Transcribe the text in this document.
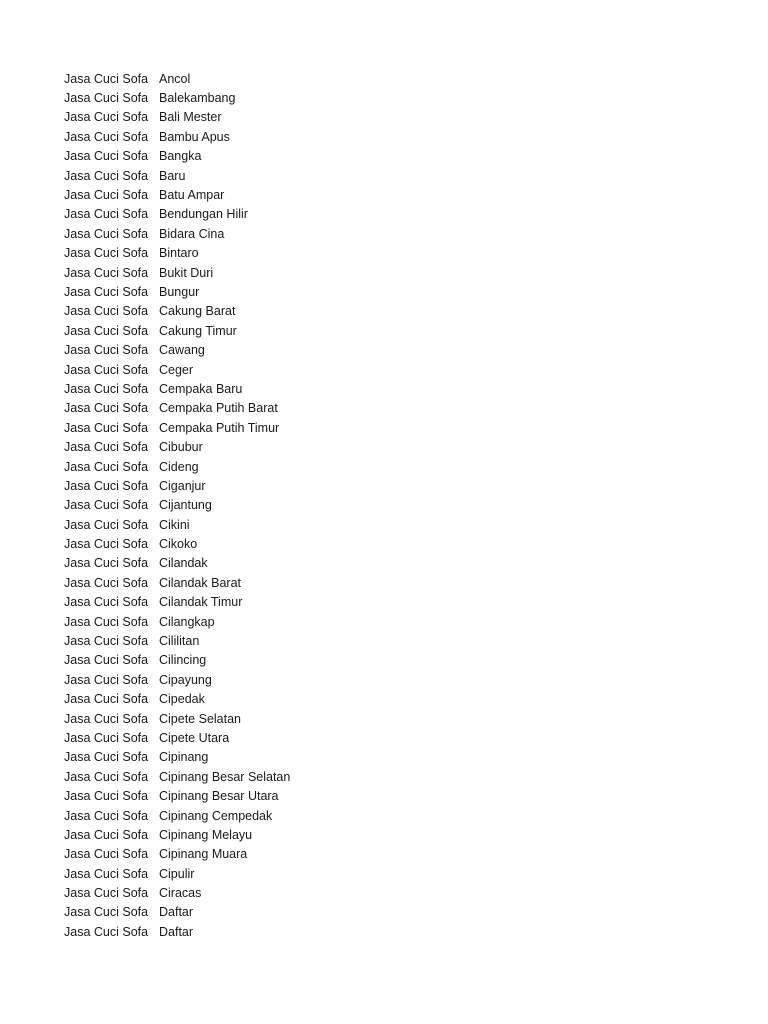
Jasa Cuci Sofa Ancol
Jasa Cuci Sofa Balekambang
Jasa Cuci Sofa Bali Mester
Jasa Cuci Sofa Bambu Apus
Jasa Cuci Sofa Bangka
Jasa Cuci Sofa Baru
Jasa Cuci Sofa Batu Ampar
Jasa Cuci Sofa Bendungan Hilir
Jasa Cuci Sofa Bidara Cina
Jasa Cuci Sofa Bintaro
Jasa Cuci Sofa Bukit Duri
Jasa Cuci Sofa Bungur
Jasa Cuci Sofa Cakung Barat
Jasa Cuci Sofa Cakung Timur
Jasa Cuci Sofa Cawang
Jasa Cuci Sofa Ceger
Jasa Cuci Sofa Cempaka Baru
Jasa Cuci Sofa Cempaka Putih Barat
Jasa Cuci Sofa Cempaka Putih Timur
Jasa Cuci Sofa Cibubur
Jasa Cuci Sofa Cideng
Jasa Cuci Sofa Ciganjur
Jasa Cuci Sofa Cijantung
Jasa Cuci Sofa Cikini
Jasa Cuci Sofa Cikoko
Jasa Cuci Sofa Cilandak
Jasa Cuci Sofa Cilandak Barat
Jasa Cuci Sofa Cilandak Timur
Jasa Cuci Sofa Cilangkap
Jasa Cuci Sofa Cililitan
Jasa Cuci Sofa Cilincing
Jasa Cuci Sofa Cipayung
Jasa Cuci Sofa Cipedak
Jasa Cuci Sofa Cipete Selatan
Jasa Cuci Sofa Cipete Utara
Jasa Cuci Sofa Cipinang
Jasa Cuci Sofa Cipinang Besar Selatan
Jasa Cuci Sofa Cipinang Besar Utara
Jasa Cuci Sofa Cipinang Cempedak
Jasa Cuci Sofa Cipinang Melayu
Jasa Cuci Sofa Cipinang Muara
Jasa Cuci Sofa Cipulir
Jasa Cuci Sofa Ciracas
Jasa Cuci Sofa Daftar
Jasa Cuci Sofa Daftar
